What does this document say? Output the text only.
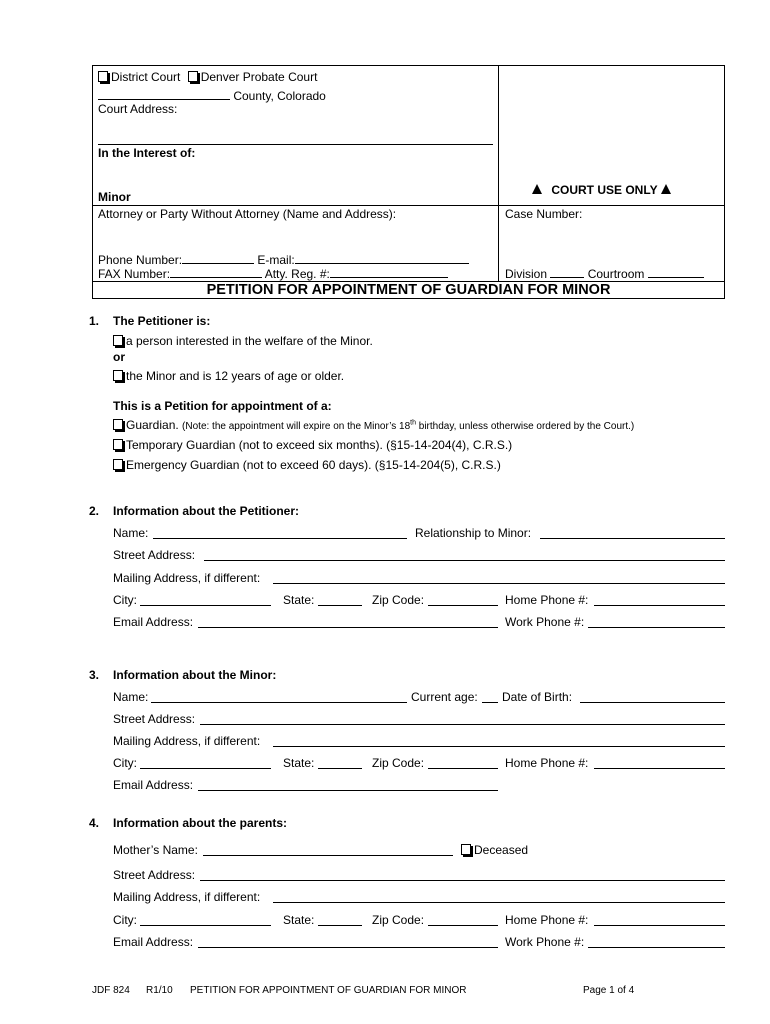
District Court Denver Probate Court
County, Colorado
Court Address:
In the Interest of:
Minor
Attorney or Party Without Attorney (Name and Address):
Phone Number:	E-mail:
FAX Number:	Atty. Reg. #:
COURT USE ONLY
Case Number:
Division	Courtroom
PETITION FOR APPOINTMENT OF GUARDIAN FOR MINOR
1. The Petitioner is:
a person interested in the welfare of the Minor.
or
the Minor and is 12 years of age or older.
This is a Petition for appointment of a:
Guardian. (Note: the appointment will expire on the Minor’s 18th birthday, unless otherwise ordered by the Court.)
Temporary Guardian (not to exceed six months). (§15-14-204(4), C.R.S.)
Emergency Guardian (not to exceed 60 days). (§15-14-204(5), C.R.S.)
2. Information about the Petitioner:
Name:	Relationship to Minor:
Street Address:
Mailing Address, if different:
City:	State:	Zip Code:	Home Phone #:
Email Address:	Work Phone #:
3. Information about the Minor:
Name:	Current age: Date of Birth:
Street Address:
Mailing Address, if different:
City:	State:	Zip Code:	Home Phone #:
Email Address:
4. Information about the parents:
Mother’s Name:	Deceased
Street Address:
Mailing Address, if different:
City:	State:	Zip Code:	Home Phone #:
Email Address:	Work Phone #:
JDF 824 R1/10 PETITION FOR APPOINTMENT OF GUARDIAN FOR MINOR	Page 1 of 4
